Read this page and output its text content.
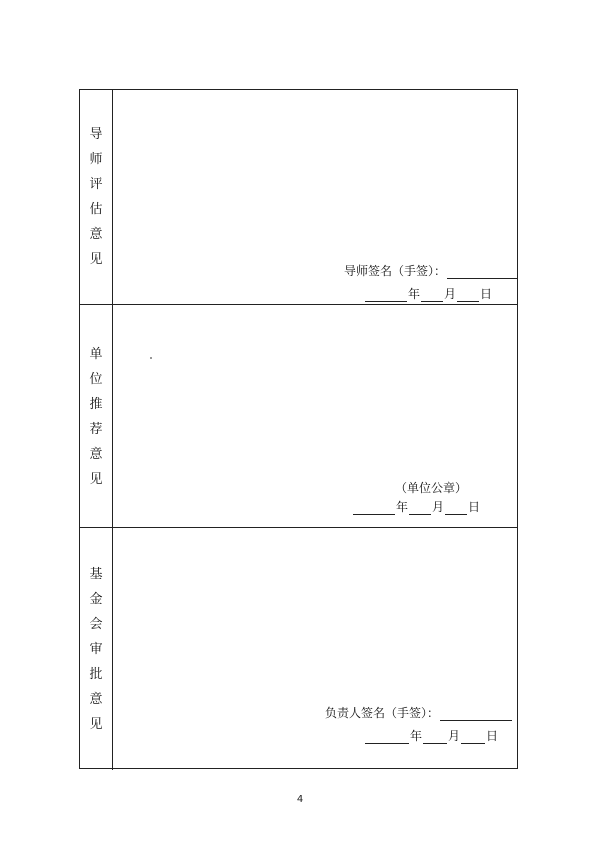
导
师
评
估
意
见
导师签名（手签）：
年 月 日
单
位
推
荐
意
见
（单位公章）
年 月 日
基
金
会
审
批
意
见
负责人签名（手签）：
年 月 日
4
